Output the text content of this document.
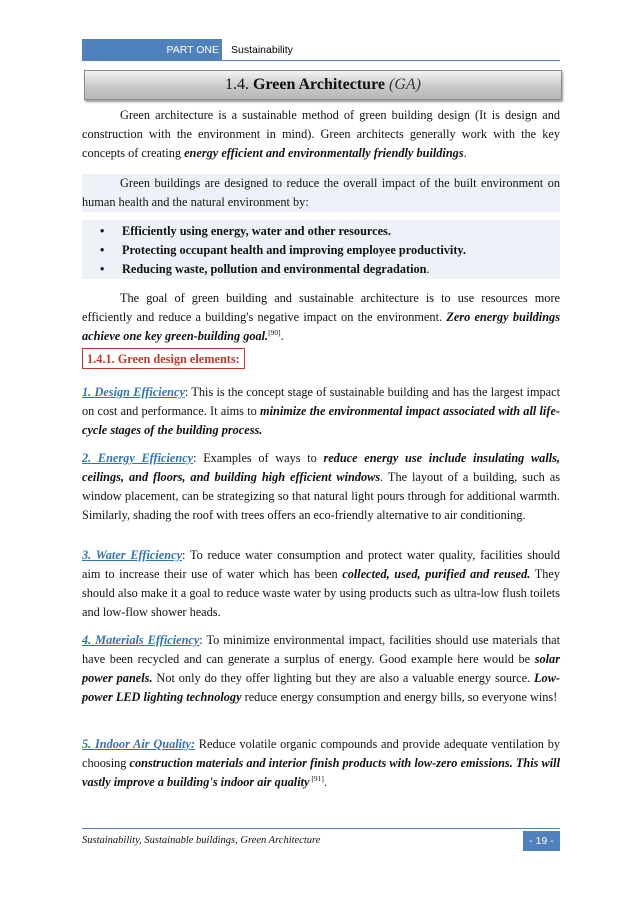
PART ONE Sustainability
1.4. Green Architecture (GA)

Green architecture is a sustainable method of green building design (It is design and construction with the environment in mind). Green architects generally work with the key concepts of creating energy efficient and environmentally friendly buildings.

Green buildings are designed to reduce the overall impact of the built environment on human health and the natural environment by:

• Efficiently using energy, water and other resources.
• Protecting occupant health and improving employee productivity.
• Reducing waste, pollution and environmental degradation.

The goal of green building and sustainable architecture is to use resources more efficiently and reduce a building's negative impact on the environment. Zero energy buildings achieve one key green-building goal.[90].

1.4.1. Green design elements:

1. Design Efficiency: This is the concept stage of sustainable building and has the largest impact on cost and performance. It aims to minimize the environmental impact associated with all life-cycle stages of the building process.

2. Energy Efficiency: Examples of ways to reduce energy use include insulating walls, ceilings, and floors, and building high efficient windows. The layout of a building, such as window placement, can be strategizing so that natural light pours through for additional warmth. Similarly, shading the roof with trees offers an eco-friendly alternative to air conditioning.

3. Water Efficiency: To reduce water consumption and protect water quality, facilities should aim to increase their use of water which has been collected, used, purified and reused. They should also make it a goal to reduce waste water by using products such as ultra-low flush toilets and low-flow shower heads.

4. Materials Efficiency: To minimize environmental impact, facilities should use materials that have been recycled and can generate a surplus of energy. Good example here would be solar power panels. Not only do they offer lighting but they are also a valuable energy source. Low-power LED lighting technology reduce energy consumption and energy bills, so everyone wins!

5. Indoor Air Quality: Reduce volatile organic compounds and provide adequate ventilation by choosing construction materials and interior finish products with low-zero emissions. This will vastly improve a building's indoor air quality [91].

Sustainability, Sustainable buildings, Green Architecture	- 19 -
